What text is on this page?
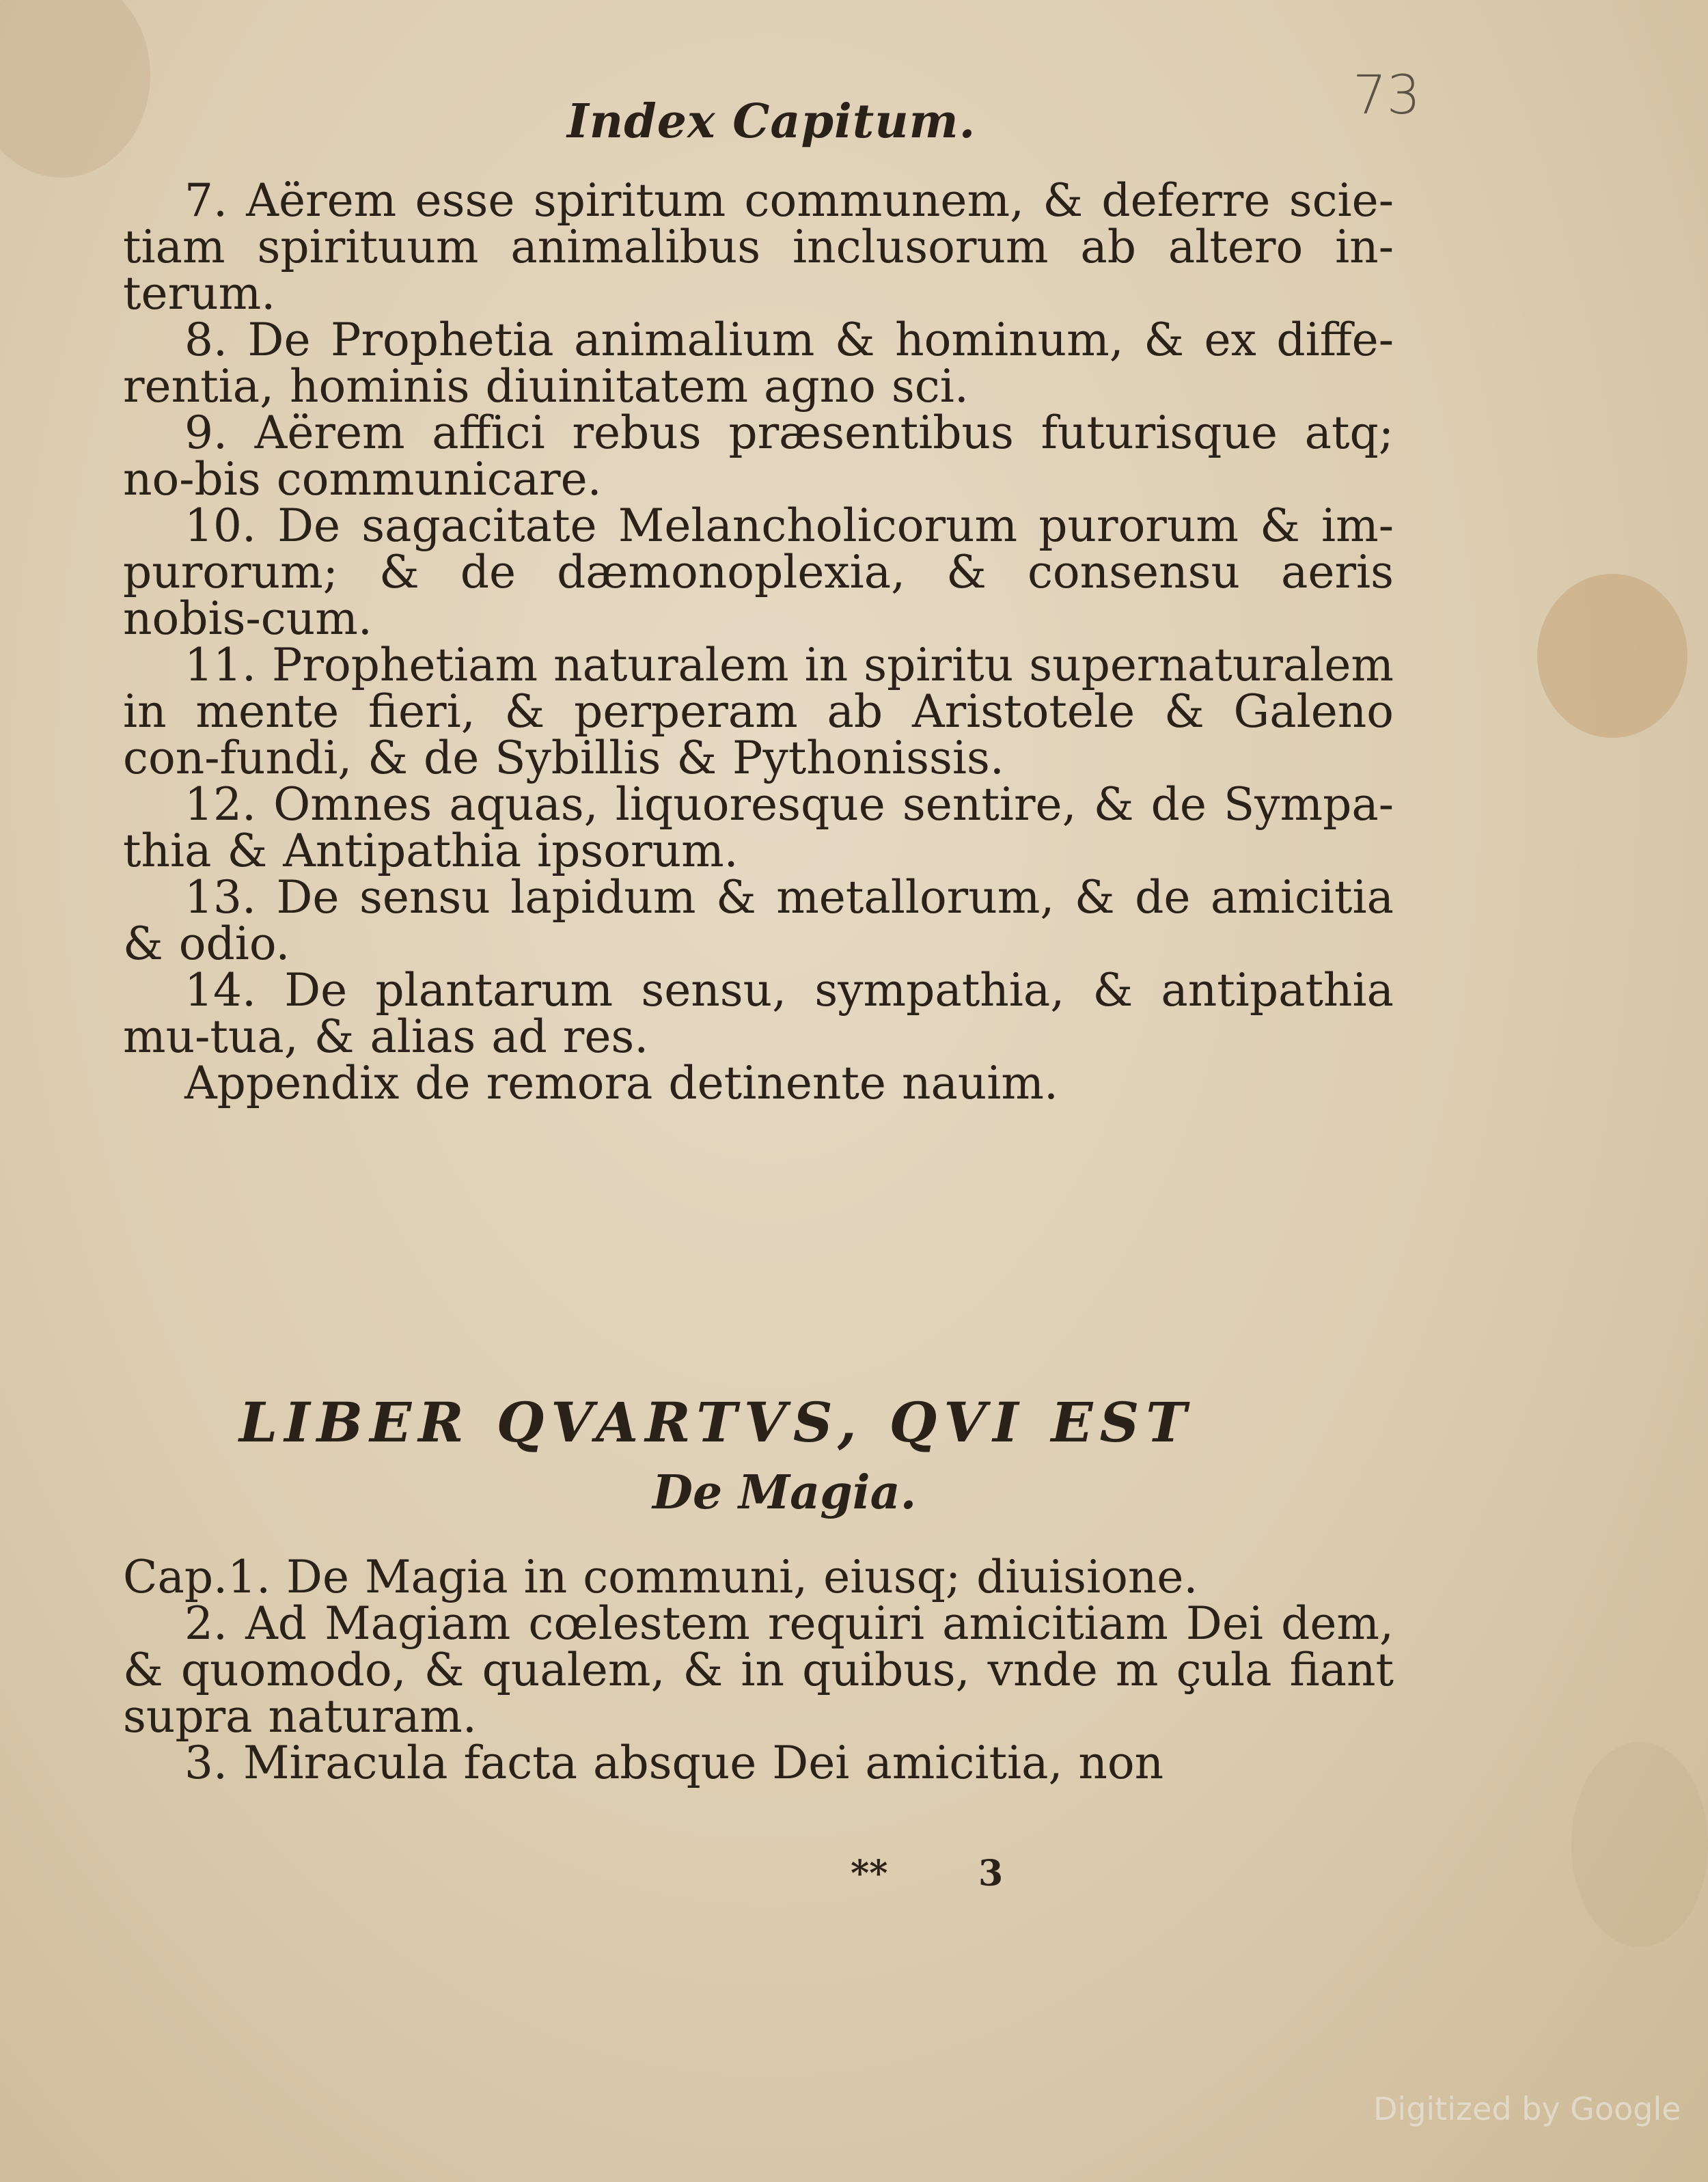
Index Capitum.	73

7. Aërem esse spiritum communem, & deferre scie-tiam spirituum animalibus inclusorum ab altero in-terum.

8. De Prophetia animalium & hominum, & ex diffe-rentia, hominis diuinitatem agno sci.

9. Aërem affici rebus præsentibus futurisque atq; no-bis communicare.

10. De sagacitate Melancholicorum purorum & im-purorum; & de dæmonoplexia, & consensu aeris nobis-cum.

11. Prophetiam naturalem in spiritu supernaturalem in mente fieri, & perperam ab Aristotele & Galeno con-fundi, & de Sybillis & Pythonissis.

12. Omnes aquas, liquoresque sentire, & de Sympa-thia & Antipathia ipsorum.

13. De sensu lapidum & metallorum, & de amicitia & odio.

14. De plantarum sensu, sympathia, & antipathia mu-tua, & alias ad res.

Appendix de remora detinente nauim.

LIBER QVARTVS, QVI EST
De Magia.

Cap.1. De Magia in communi, eiusq; diuisione.

2. Ad Magiam cœlestem requiri amicitiam Dei dem, & quomodo, & qualem, & in quibus, vnde m çula fiant supra naturam.

3. Miracula facta absque Dei amicitia, non

**	3
Digitized by Google
